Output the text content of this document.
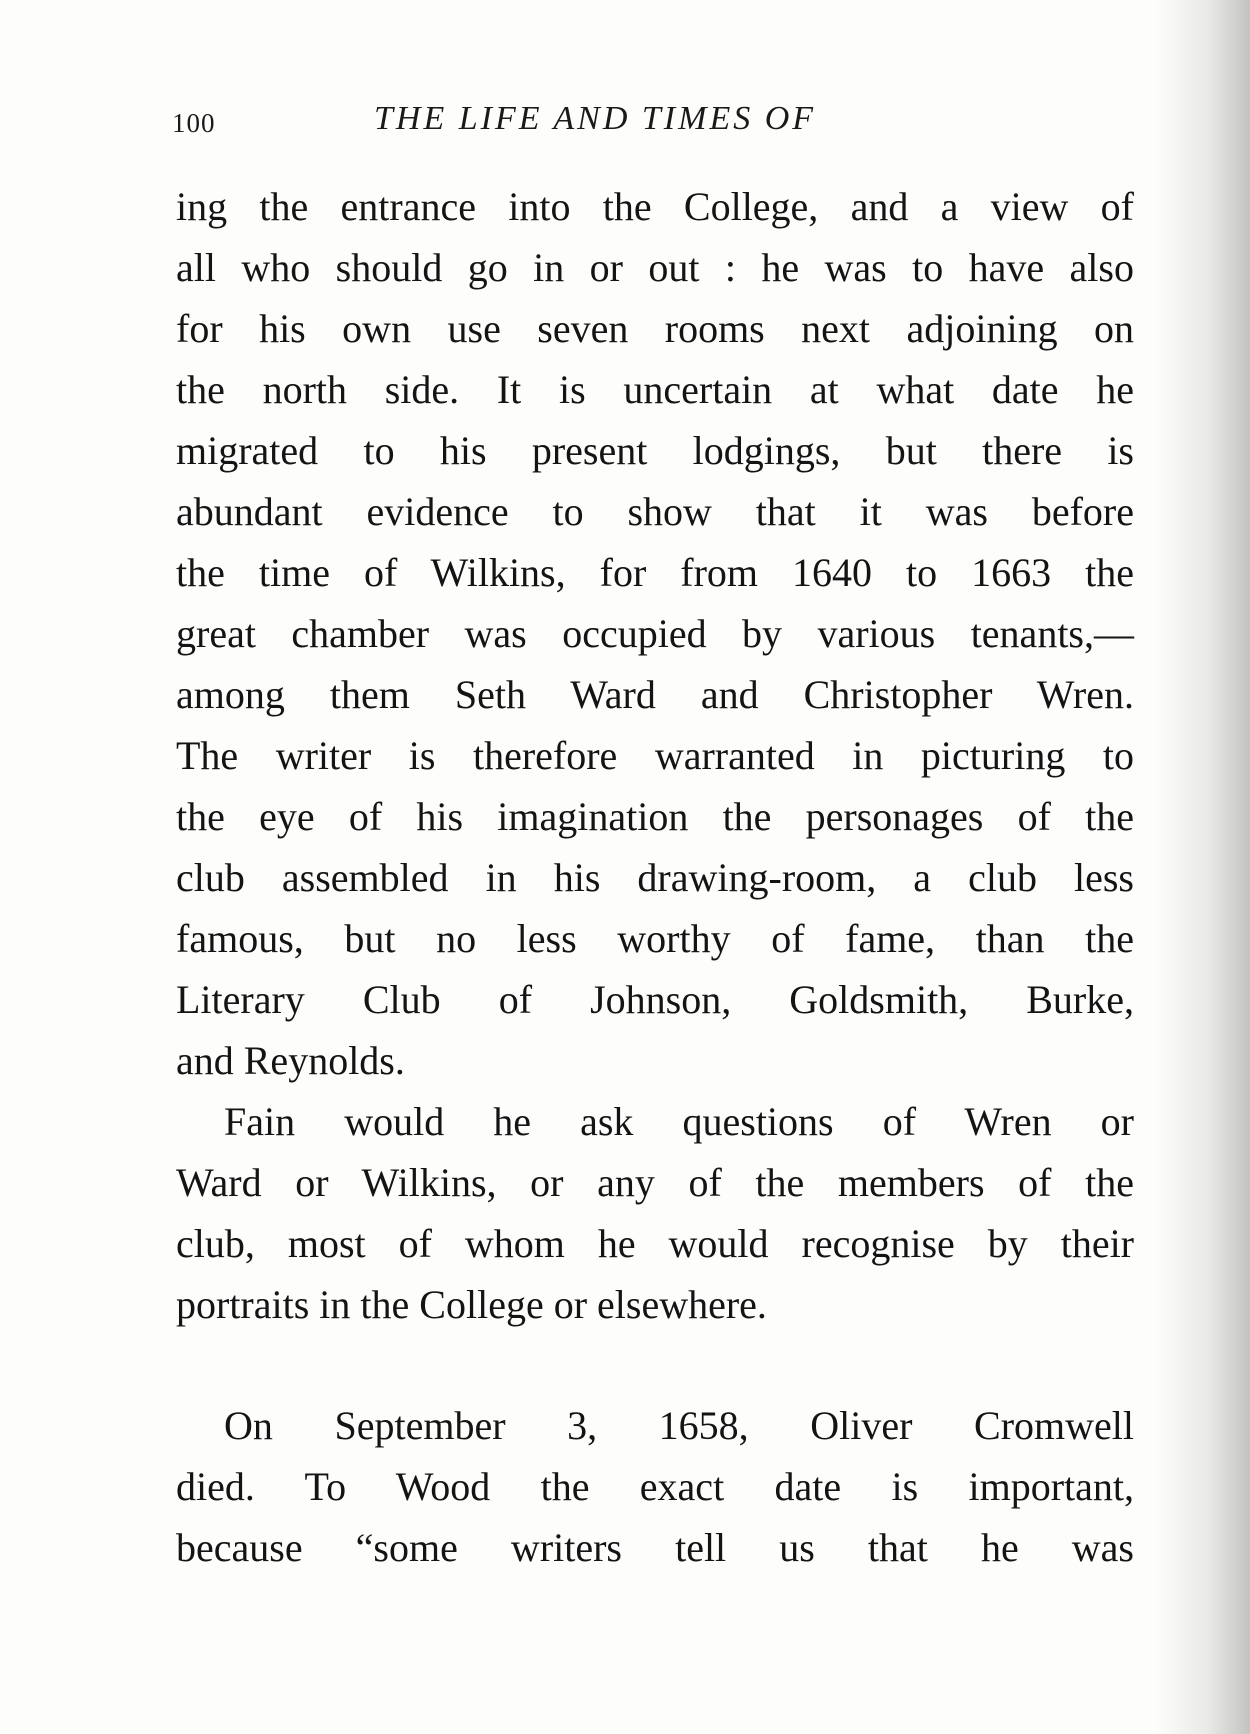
100	THE LIFE AND TIMES OF
ing the entrance into the College, and a view of
all who should go in or out : he was to have also
for his own use seven rooms next adjoining on
the north side. It is uncertain at what date he
migrated to his present lodgings, but there is
abundant evidence to show that it was before
the time of Wilkins, for from 1640 to 1663 the
great chamber was occupied by various tenants,—
among them Seth Ward and Christopher Wren.
The writer is therefore warranted in picturing to
the eye of his imagination the personages of the
club assembled in his drawing-room, a club less
famous, but no less worthy of fame, than the
Literary Club of Johnson, Goldsmith, Burke,
and Reynolds.
Fain would he ask questions of Wren or
Ward or Wilkins, or any of the members of the
club, most of whom he would recognise by their
portraits in the College or elsewhere.
On September 3, 1658, Oliver Cromwell
died. To Wood the exact date is important,
because “some writers tell us that he was
